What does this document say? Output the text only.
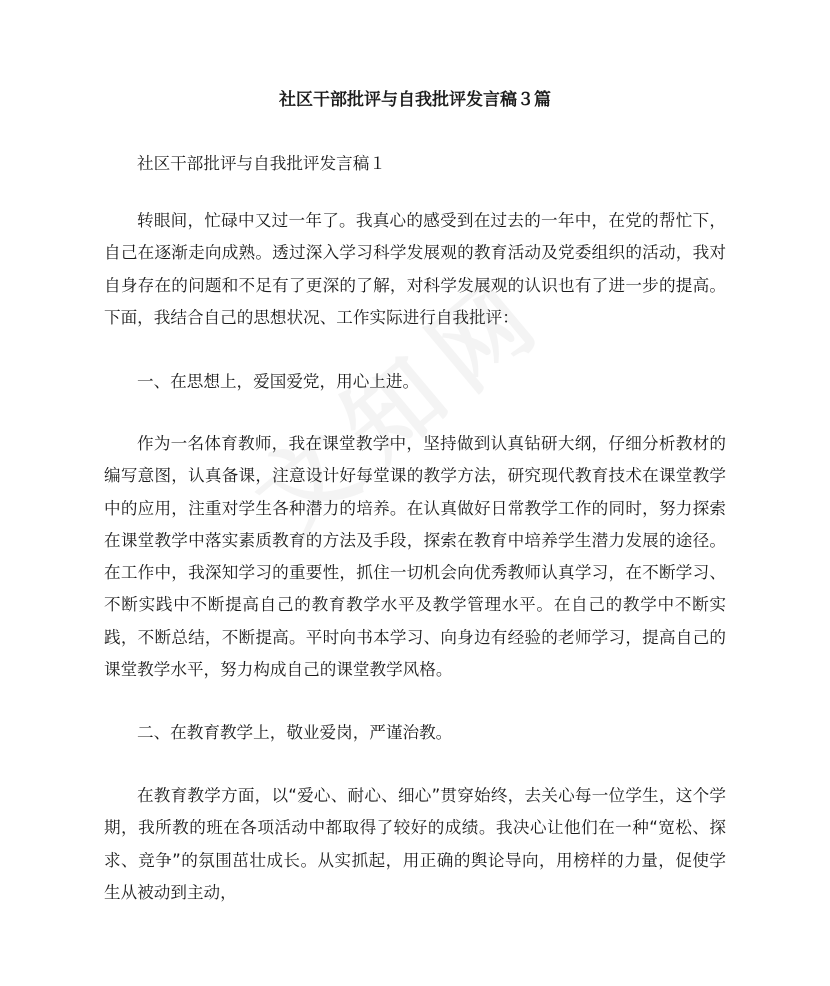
社区干部批评与自我批评发言稿３篇
社区干部批评与自我批评发言稿１
转眼间，忙碌中又过一年了。我真心的感受到在过去的一年中，在党的帮忙下，自己在逐渐走向成熟。透过深入学习科学发展观的教育活动及党委组织的活动，我对自身存在的问题和不足有了更深的了解，对科学发展观的认识也有了进一步的提高。下面，我结合自己的思想状况、工作实际进行自我批评：
一、在思想上，爱国爱党，用心上进。
作为一名体育教师，我在课堂教学中，坚持做到认真钻研大纲，仔细分析教材的编写意图，认真备课，注意设计好每堂课的教学方法，研究现代教育技术在课堂教学中的应用，注重对学生各种潜力的培养。在认真做好日常教学工作的同时，努力探索在课堂教学中落实素质教育的方法及手段，探索在教育中培养学生潜力发展的途径。在工作中，我深知学习的重要性，抓住一切机会向优秀教师认真学习，在不断学习、不断实践中不断提高自己的教育教学水平及教学管理水平。在自己的教学中不断实践，不断总结，不断提高。平时向书本学习、向身边有经验的老师学习，提高自己的课堂教学水平，努力构成自己的课堂教学风格。
二、在教育教学上，敬业爱岗，严谨治教。
在教育教学方面，以“爱心、耐心、细心”贯穿始终，去关心每一位学生，这个学期，我所教的班在各项活动中都取得了较好的成绩。我决心让他们在一种“宽松、探求、竞争”的氛围茁壮成长。从实抓起，用正确的舆论导向，用榜样的力量，促使学生从被动到主动，
